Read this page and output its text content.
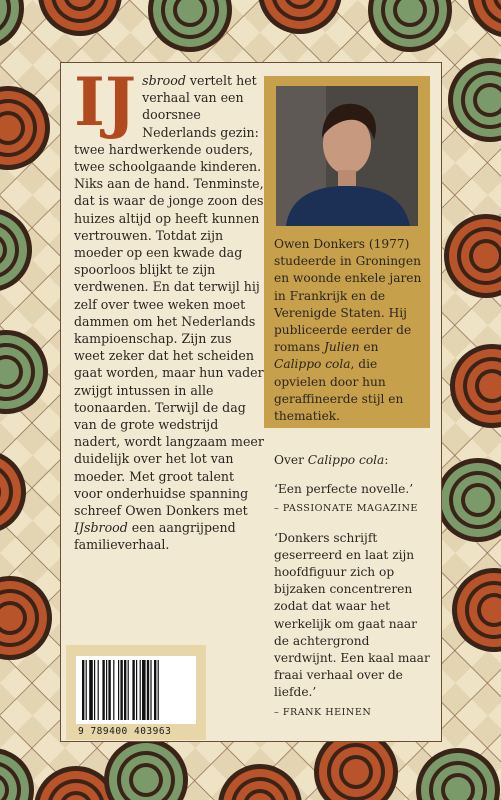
IJ sbrood vertelt het verhaal van een doorsnee Nederlands gezin: twee hardwerkende ouders, twee schoolgaande kinderen. Niks aan de hand. Tenminste, dat is waar de jonge zoon des huizes altijd op heeft kunnen vertrouwen. Totdat zijn moeder op een kwade dag spoorloos blijkt te zijn verdwenen. En dat terwijl hij zelf over twee weken moet dammen om het Nederlands kampioenschap. Zijn zus weet zeker dat het scheiden gaat worden, maar hun vader zwijgt intussen in alle toonaarden. Terwijl de dag van de grote wedstrijd nadert, wordt langzaam meer duidelijk over het lot van moeder. Met groot talent voor onderhuidse spanning schreef Owen Donkers met IJsbrood een aangrijpend familieverhaal.

Owen Donkers (1977) studeerde in Groningen en woonde enkele jaren in Frankrijk en de Verenigde Staten. Hij publiceerde eerder de romans Julien en Calippo cola, die opvielen door hun geraffineerde stijl en thematiek.

Over Calippo cola:

‘Een perfecte novelle.’

– PASSIONATE MAGAZINE

‘Donkers schrijft geserreerd en laat zijn hoofdfiguur zich op bijzaken concentreren zodat dat waar het werkelijk om gaat naar de achtergrond verdwijnt. Een kaal maar fraai verhaal over de liefde.’

– FRANK HEINEN

9 789400 403963
